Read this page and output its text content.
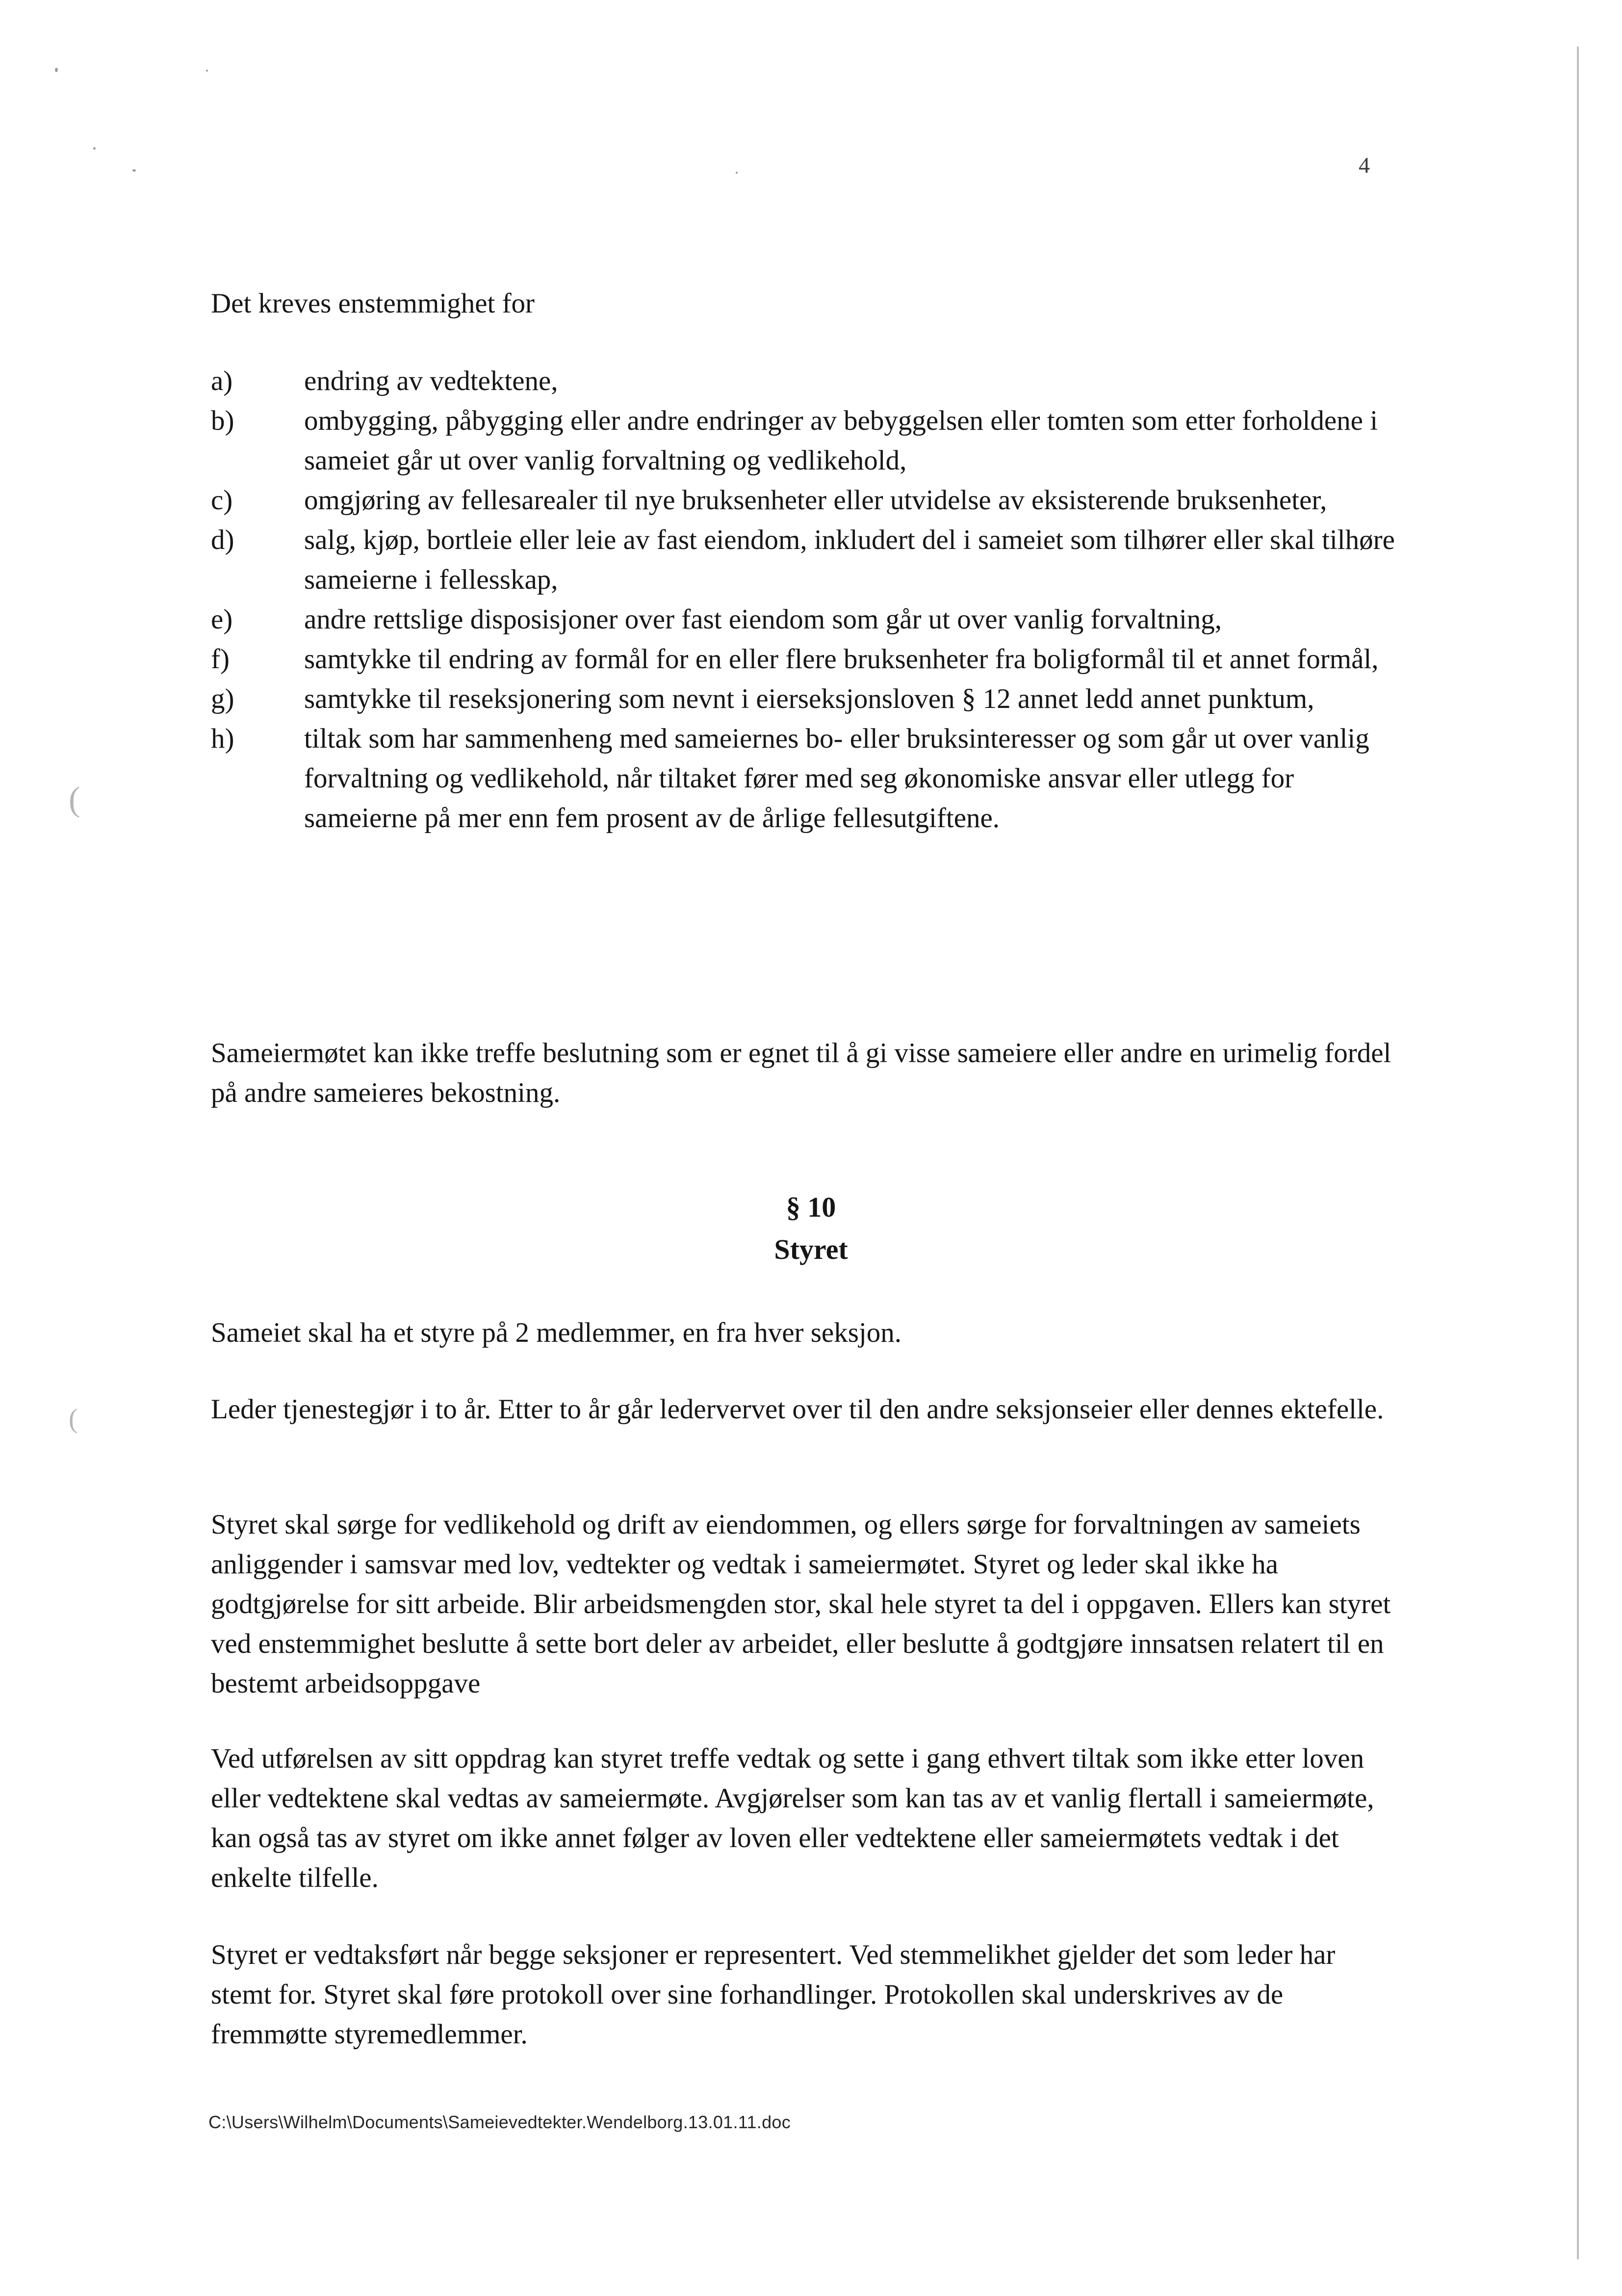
(
(
4

Det kreves enstemmighet for

a)	endring av vedtektene,
b)	ombygging, påbygging eller andre endringer av bebyggelsen eller tomten som etter forholdene i sameiet går ut over vanlig forvaltning og vedlikehold,
c)	omgjøring av fellesarealer til nye bruksenheter eller utvidelse av eksisterende bruksenheter,
d)	salg, kjøp, bortleie eller leie av fast eiendom, inkludert del i sameiet som tilhører eller skal tilhøre sameierne i fellesskap,
e)	andre rettslige disposisjoner over fast eiendom som går ut over vanlig forvaltning,
f)	samtykke til endring av formål for en eller flere bruksenheter fra boligformål til et annet formål,
g)	samtykke til reseksjonering som nevnt i eierseksjonsloven § 12 annet ledd annet punktum,
h)	tiltak som har sammenheng med sameiernes bo- eller bruksinteresser og som går ut over vanlig forvaltning og vedlikehold, når tiltaket fører med seg økonomiske ansvar eller utlegg for sameierne på mer enn fem prosent av de årlige fellesutgiftene.

Sameiermøtet kan ikke treffe beslutning som er egnet til å gi visse sameiere eller andre en urimelig fordel på andre sameieres bekostning.

§ 10
Styret

Sameiet skal ha et styre på 2 medlemmer, en fra hver seksjon.

Leder tjenestegjør i to år. Etter to år går ledervervet over til den andre seksjonseier eller dennes ektefelle.

Styret skal sørge for vedlikehold og drift av eiendommen, og ellers sørge for forvaltningen av sameiets anliggender i samsvar med lov, vedtekter og vedtak i sameiermøtet. Styret og leder skal ikke ha godtgjørelse for sitt arbeide. Blir arbeidsmengden stor, skal hele styret ta del i oppgaven. Ellers kan styret ved enstemmighet beslutte å sette bort deler av arbeidet, eller beslutte å godtgjøre innsatsen relatert til en bestemt arbeidsoppgave

Ved utførelsen av sitt oppdrag kan styret treffe vedtak og sette i gang ethvert tiltak som ikke etter loven eller vedtektene skal vedtas av sameiermøte. Avgjørelser som kan tas av et vanlig flertall i sameiermøte, kan også tas av styret om ikke annet følger av loven eller vedtektene eller sameiermøtets vedtak i det enkelte tilfelle.

Styret er vedtaksført når begge seksjoner er representert. Ved stemmelikhet gjelder det som leder har stemt for. Styret skal føre protokoll over sine forhandlinger. Protokollen skal underskrives av de fremmøtte styremedlemmer.

C:\Users\Wilhelm\Documents\Sameievedtekter.Wendelborg.13.01.11.doc
